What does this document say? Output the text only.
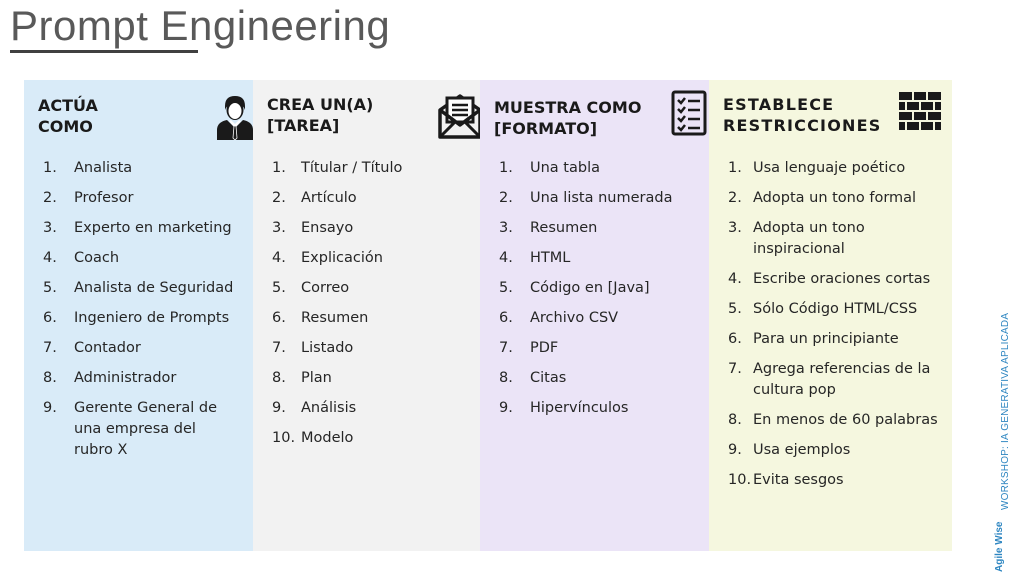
Prompt Engineering
ACTÚA
COMO
1.	Analista
2.	Profesor
3.	Experto en marketing
4.	Coach
5.	Analista de Seguridad
6.	Ingeniero de Prompts
7.	Contador
8.	Administrador
9.	Gerente General de una empresa del rubro X
CREA UN(A)
[TAREA]
1.	Títular / Título
2.	Artículo
3.	Ensayo
4.	Explicación
5.	Correo
6.	Resumen
7.	Listado
8.	Plan
9.	Análisis
10. Modelo
MUESTRA COMO
[FORMATO]
1.	Una tabla
2.	Una lista numerada
3.	Resumen
4.	HTML
5.	Código en [Java]
6.	Archivo CSV
7.	PDF
8.	Citas
9.	Hipervínculos
ESTABLECE
RESTRICCIONES
1. Usa lenguaje poético
2. Adopta un tono formal
3. Adopta un tono inspiracional
4. Escribe oraciones cortas
5. Sólo Código HTML/CSS
6. Para un principiante
7. Agrega referencias de la cultura pop
8. En menos de 60 palabras
9. Usa ejemplos
10. Evita sesgos	WORKSHOP: IA GENERATIVA APLICADA
Agile Wise
